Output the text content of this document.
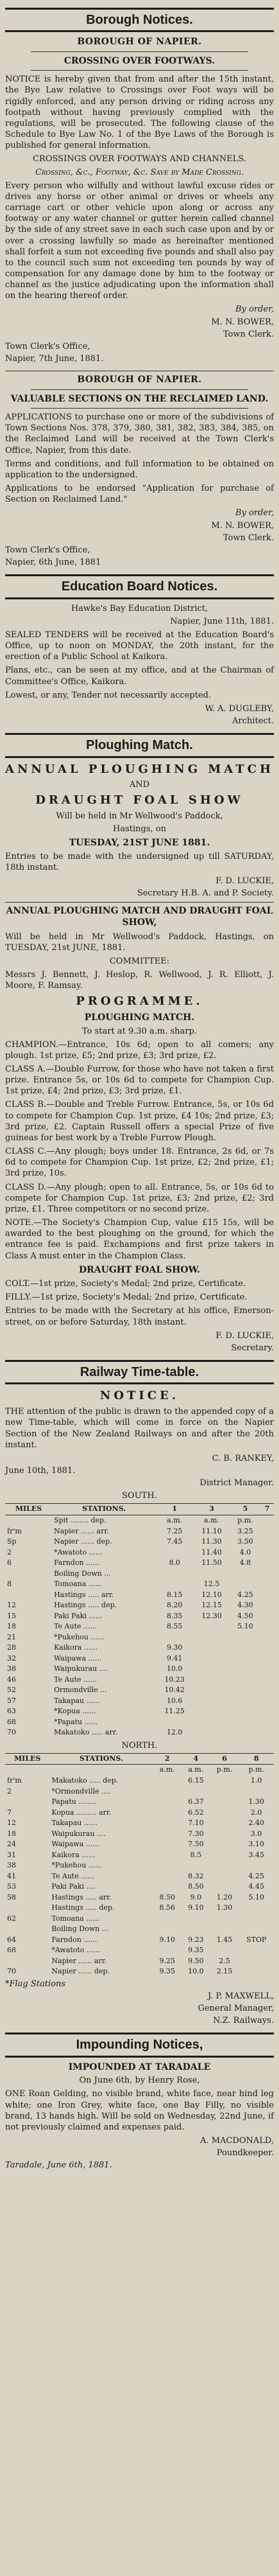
Borough Notices.
BOROUGH OF NAPIER.
CROSSING OVER FOOTWAYS.

NOTICE is hereby given that from and after the 15th instant, the Bye Law relative to Crossings over Foot ways will be rigidly enforced, and any person driving or riding across any footpath without having previously complied with the regulations, will be prosecuted. The following clause of the Schedule to Bye Law No. 1 of the Bye Laws of the Borough is published for general information.

CROSSINGS OVER FOOTWAYS AND CHANNELS.
Crossing, &c., Footway, &c. Save by Made Crossing.

Every person who wilfully and without lawful excuse rides or drives any horse or other animal or drives or wheels any carriage cart or other vehicle upon along or across any footway or any water channel or gutter herein called channel by the side of any street save in each such case upon and by or over a crossing lawfully so made as hereinafter mentioned shall forfeit a sum not exceeding five pounds and shall also pay to the council such sum not exceeding ten pounds by way of compensation for any damage done by him to the footway or channel as the justice adjudicating upon the information shall on the hearing thereof order.

By order,
M. N. BOWER,
Town Clerk.
Town Clerk's Office,
Napier, 7th June, 1881.
BOROUGH OF NAPIER.
VALUABLE SECTIONS ON THE RECLAIMED LAND.

APPLICATIONS to purchase one or more of the subdivisions of Town Sections Nos. 378, 379, 380, 381, 382, 383, 384, 385, on the Reclaimed Land will be received at the Town Clerk's Office, Napier, from this date.

Terms and conditions, and full information to be obtained on application to the undersigned.

Applications to be endorsed "Application for purchase of Section on Reclaimed Land."

By order,
M. N. BOWER,
Town Clerk.
Town Clerk's Office,
Napier, 6th June, 1881
Education Board Notices.
Hawke's Bay Education District,
Napier, June 11th, 1881.

SEALED TENDERS will be received at the Education Board's Office, up to noon on MONDAY, the 20th instant, for the erection of a Public School at Kaikora.

Plans, etc., can be seen at my office, and at the Chairman of Committee's Office, Kaikora.

Lowest, or any, Tender not necessarily accepted.

W. A. DUGLEBY,
Architect.
Ploughing Match.
ANNUAL PLOUGHING MATCH
AND
DRAUGHT FOAL SHOW
Will be held in Mr Wellwood's Paddock,
Hastings, on
TUESDAY, 21ST JUNE 1881.

Entries to be made with the undersigned up till SATURDAY, 18th instant.

F. D. LUCKIE,
Secretary H.B. A. and P. Society.
ANNUAL PLOUGHING MATCH AND DRAUGHT FOAL SHOW,

Will be held in Mr Wellwood's Paddock, Hastings, on TUESDAY, 21st JUNE, 1881.

COMMITTEE:

Messrs J. Bennett, J. Heslop, R. Wellwood, J. R. Elliott, J. Moore, F. Ramsay.

PROGRAMME.
PLOUGHING MATCH.
To start at 9.30 a.m. sharp.

CHAMPION.—Entrance, 10s 6d; open to all comers; any plough. 1st prize, £5; 2nd prize, £3; 3rd prize, £2.

CLASS A.—Double Furrow, for those who have not taken a first prize. Entrance 5s, or 10s 6d to compete for Champion Cup. 1st prize, £4; 2nd prize, £3; 3rd prize, £1.

CLASS B.—Double and Treble Furrow. Entrance, 5s, or 10s 6d to compete for Champion Cup. 1st prize, £4 10s; 2nd prize, £3; 3rd prize, £2. Captain Russell offers a special Prize of five guineas for best work by a Treble Furrow Plough.

CLASS C.—Any plough; boys under 18. Entrance, 2s 6d, or 7s 6d to compete for Champion Cup. 1st prize, £2; 2nd prize, £1; 3rd prize, 10s.

CLASS D.—Any plough; open to all. Entrance, 5s, or 10s 6d to compete for Champion Cup. 1st prize, £3; 2nd prize, £2; 3rd prize, £1. Three competitors or no second prize.

NOTE.—The Society's Champion Cup, value £15 15s, will be awarded to the best ploughing on the ground, for which the entrance fee is paid. Exchampions and first prize takers in Class A must enter in the Champion Class.

DRAUGHT FOAL SHOW.

COLT.—1st prize, Society's Medal; 2nd prize, Certificate.

FILLY.—1st prize, Society's Medal; 2nd prize, Certificate.

Entries to be made with the Secretary at his office, Emerson-street, on or before Saturday, 18th instant.

F. D. LUCKIE,
Secretary.
Railway Time-table.
NOTICE.

THE attention of the public is drawn to the appended copy of a new Time-table, which will come in force on the Napier Section of the New Zealand Railways on and after the 20th instant.

C. B. RANKEY,
June 10th, 1881.
District Manager.
SOUTH.
MILES	STATIONS.	1	3	5	7
	Spit ........ dep.	a.m.	a.m.	p.m.	
fr'm	Napier ...... arr.	7.25	11.10	3.25	
Sp	Napier ...... dep.	7.45	11.30	3.50	
2	*Awatoto ......		11.40	4.0	
6	Farndon ......	8.0	11.50	4.8	
	Boiling Down ...				
8	Tomoana ......		12.5		
	Hastings ..... arr.	8.15	12.10	4.25	
12	Hastings ..... dep.	8.20	12.15	4.30	
15	Paki Paki ......	8.35	12.30	4.50	
18	Te Aute ......	8.55		5.10	
21	*Pukehou ......				
28	Kaikora ......	9.30			
32	Waipawa ......	9.41			
38	Waipukurau ....	10.0			
46	Te Aute ......	10.23			
52	Ormondville ...	10.42			
57	Takapau ......	10.6			
63	*Kopua ......	11.25			
68	*Papatu ......				
70	Makatoko ..... arr.	12.0			
NORTH.
MILES	STATIONS.	2	4	6	8
		a.m.	a.m.	p.m.	p.m.
fr'm	Makatoko ..... dep.		6.15		1.0
2	*Ormondville ....				
	Papatu ........		6.37		1.30
7	Kopua ......... arr.		6.52		2.0
12	Takapau ......		7.10		2.40
18	Waipukurau ....		7.30		3.0
24	Waipawa ......		7.50		3.10
31	Kaikora ......		8.5		3.45
38	*Pukehou ......				
41	Te Aute ......		8.32		4.25
53	Paki Paki ....		8.50		4.45
58	Hastings ..... arr.	8.50	9.0	1.20	5.10
	Hastings ..... dep.	8.56	9.10	1.30	
62	Tomoana ......				
	Boiling Down ...				
64	Farndon ......	9.10	9.23	1.45	STOP
68	*Awatoto ......		9.35		
	Napier ...... arr.	9.25	9.50	2.5	
70	Napier ...... dep.	9.35	10.0	2.15	
*Flag Stations
J. P. MAXWELL,
General Manager,
N.Z. Railways.
Impounding Notices,
IMPOUNDED AT TARADALE
On June 6th, by Henry Rose,

ONE Roan Gelding, no visible brand, white face, near hind leg white; one Iron Grey, white face, one Bay Filly, no visible brand, 13 hands high. Will be sold on Wednesday, 22nd June, if not previously claimed and expenses paid.

A. MACDONALD,
Poundkeeper.
Taradale, June 6th, 1881.
